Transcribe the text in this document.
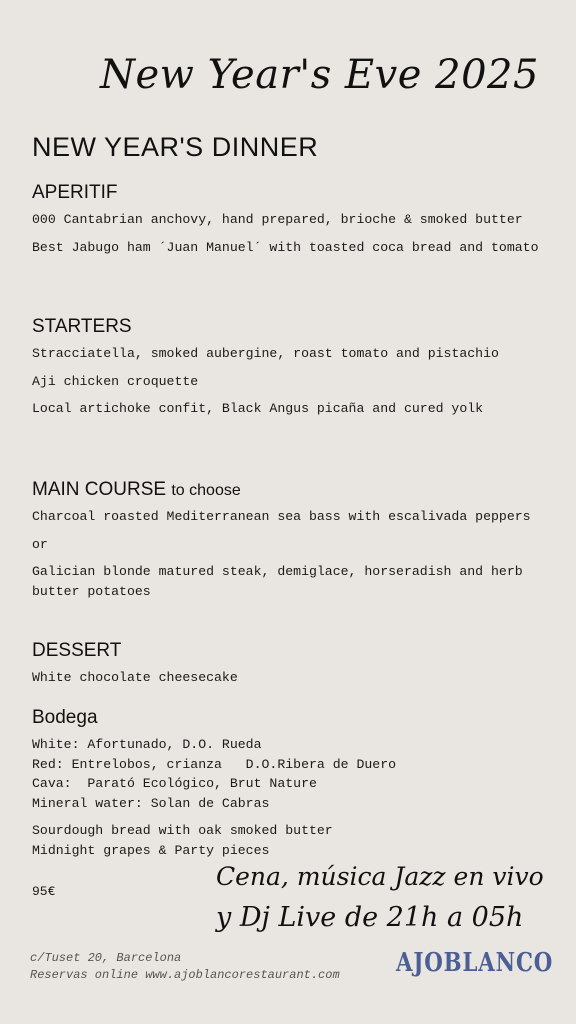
New Year's Eve 2025
NEW YEAR'S DINNER
APERITIF
000 Cantabrian anchovy, hand prepared, brioche & smoked butter
Best Jabugo ham ´Juan Manuel´ with toasted coca bread and tomato
STARTERS
Stracciatella, smoked aubergine, roast tomato and pistachio
Aji chicken croquette
Local artichoke confit, Black Angus picaña and cured yolk
MAIN COURSE to choose
Charcoal roasted Mediterranean sea bass with escalivada peppers
or
Galician blonde matured steak, demiglace, horseradish and herb butter potatoes
DESSERT
White chocolate cheesecake
Bodega
White: Afortunado, D.O. Rueda
Red: Entrelobos, crianza   D.O.Ribera de Duero
Cava:  Parató Ecológico, Brut Nature
Mineral water: Solan de Cabras
Sourdough bread with oak smoked butter
Midnight grapes & Party pieces
95€
Cena, música Jazz en vivo
y Dj Live de 21h a 05h
c/Tuset 20, Barcelona
Reservas online www.ajoblancorestaurant.com AJOBLANCO
